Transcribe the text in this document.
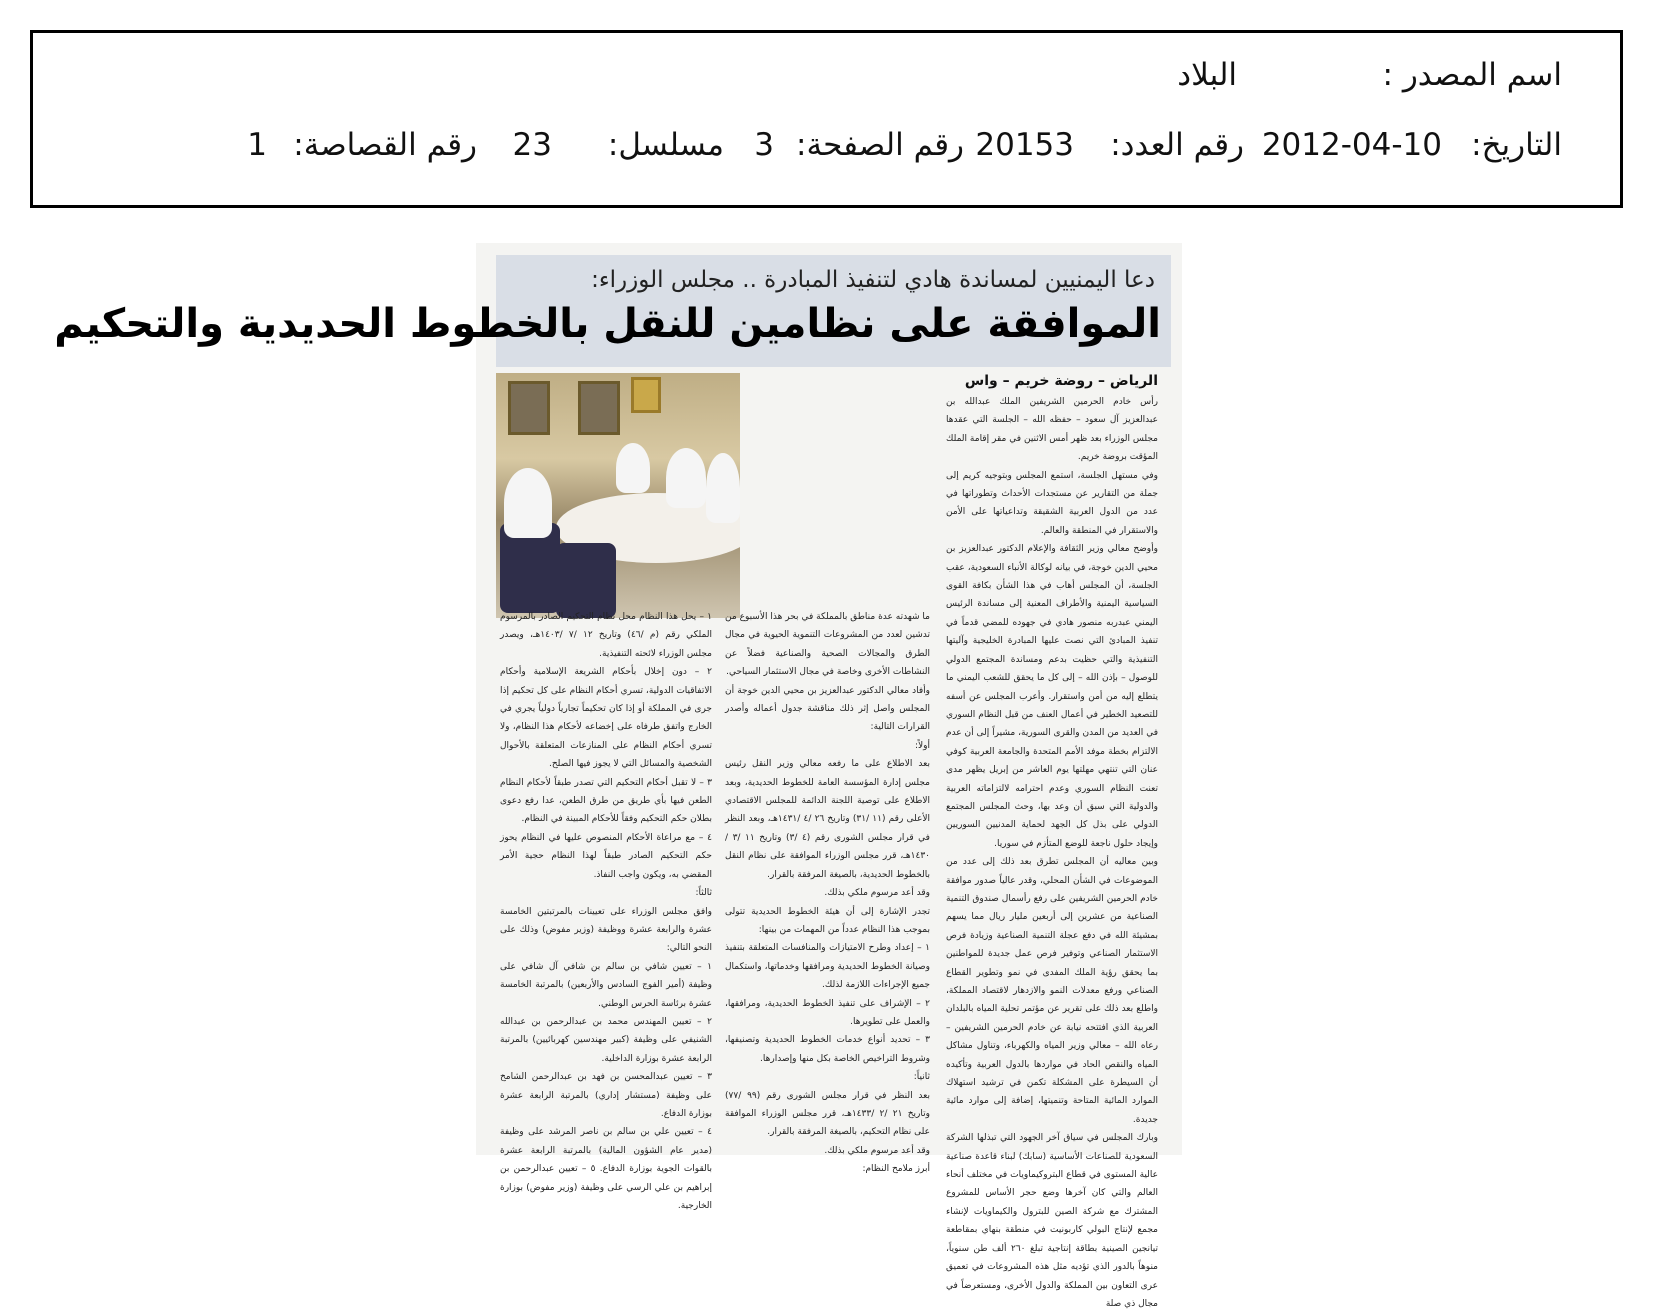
اسم المصدر :
البلاد
التاريخ:
2012-04-10
رقم العدد:
20153
رقم الصفحة:
3
مسلسل:
23
رقم القصاصة:
1
دعا اليمنيين لمساندة هادي لتنفيذ المبادرة .. مجلس الوزراء:
الموافقة على نظامين للنقل بالخطوط الحديدية والتحكيم
الرياض – روضة خريم – واس

رأس خادم الحرمين الشريفين الملك عبدالله بن عبدالعزيز آل سعود – حفظه الله – الجلسة التي عقدها مجلس الوزراء بعد ظهر أمس الاثنين في مقر إقامة الملك المؤقت بروضة خريم.

وفي مستهل الجلسة، استمع المجلس وبتوجيه كريم إلى جملة من التقارير عن مستجدات الأحداث وتطوراتها في عدد من الدول العربية الشقيقة وتداعياتها على الأمن والاستقرار في المنطقة والعالم.

وأوضح معالي وزير الثقافة والإعلام الدكتور عبدالعزيز بن محيي الدين خوجة، في بيانه لوكالة الأنباء السعودية، عقب الجلسة، أن المجلس أهاب في هذا الشأن بكافة القوى السياسية اليمنية والأطراف المعنية إلى مساندة الرئيس اليمني عبدربه منصور هادي في جهوده للمضي قدماً في تنفيذ المبادئ التي نصت عليها المبادرة الخليجية وآليتها التنفيذية والتي حظيت بدعم ومساندة المجتمع الدولي للوصول – بإذن الله – إلى كل ما يحقق للشعب اليمني ما يتطلع إليه من أمن واستقرار. وأعرب المجلس عن أسفه للتصعيد الخطير في أعمال العنف من قبل النظام السوري في العديد من المدن والقرى السورية، مشيراً إلى أن عدم الالتزام بخطة موفد الأمم المتحدة والجامعة العربية كوفي عنان التي تنتهي مهلتها يوم العاشر من إبريل يظهر مدى تعنت النظام السوري وعدم احترامه لالتزاماته العربية والدولية التي سبق أن وعد بها، وحث المجلس المجتمع الدولي على بذل كل الجهد لحماية المدنيين السوريين وإيجاد حلول ناجعة للوضع المتأزم في سوريا.

وبين معاليه أن المجلس تطرق بعد ذلك إلى عدد من الموضوعات في الشأن المحلي، وقدر عالياً صدور موافقة خادم الحرمين الشريفين على رفع رأسمال صندوق التنمية الصناعية من عشرين إلى أربعين مليار ريال مما يسهم بمشيئة الله في دفع عجلة التنمية الصناعية وزيادة فرص الاستثمار الصناعي وتوفير فرص عمل جديدة للمواطنين بما يحقق رؤية الملك المفدى في نمو وتطوير القطاع الصناعي ورفع معدلات النمو والازدهار لاقتصاد المملكة، واطلع بعد ذلك على تقرير عن مؤتمر تحلية المياه بالبلدان العربية الذي افتتحه نيابة عن خادم الحرمين الشريفين – رعاه الله – معالي وزير المياه والكهرباء، وتناول مشاكل المياه والنقص الحاد في مواردها بالدول العربية وتأكيده أن السيطرة على المشكلة تكمن في ترشيد استهلاك الموارد المائية المتاحة وتنميتها، إضافة إلى موارد مائية جديدة.

وبارك المجلس في سياق آخر الجهود التي تبذلها الشركة السعودية للصناعات الأساسية (سابك) لبناء قاعدة صناعية عالية المستوى في قطاع البتروكيماويات في مختلف أنحاء العالم والتي كان آخرها وضع حجر الأساس للمشروع المشترك مع شركة الصين للبترول والكيماويات لإنشاء مجمع لإنتاج البولي كاربونيت في منطقة بنهاي بمقاطعة تيانجين الصينية بطاقة إنتاجية تبلغ ٢٦٠ ألف طن سنوياً، منوهاً بالدور الذي تؤديه مثل هذه المشروعات في تعميق عرى التعاون بين المملكة والدول الأخرى، ومستعرضاً في مجال ذي صلة

ما شهدته عدة مناطق بالمملكة في بحر هذا الأسبوع من تدشين لعدد من المشروعات التنموية الحيوية في مجال الطرق والمجالات الصحية والصناعية فضلاً عن النشاطات الأخرى وخاصة في مجال الاستثمار السياحي.

وأفاد معالي الدكتور عبدالعزيز بن محيي الدين خوجة أن المجلس واصل إثر ذلك مناقشة جدول أعماله وأصدر القرارات التالية:

أولاً:

بعد الاطلاع على ما رفعه معالي وزير النقل رئيس مجلس إدارة المؤسسة العامة للخطوط الحديدية، وبعد الاطلاع على توصية اللجنة الدائمة للمجلس الاقتصادي الأعلى رقم (١١ /٣١) وتاريخ ٢٦ /٤ /١٤٣١هـ، وبعد النظر في قرار مجلس الشورى رقم (٤ /٣) وتاريخ ١١ /٣ /١٤٣٠هـ، قرر مجلس الوزراء الموافقة على نظام النقل بالخطوط الحديدية، بالصيغة المرفقة بالقرار.

وقد أعد مرسوم ملكي بذلك.

تجدر الإشارة إلى أن هيئة الخطوط الحديدية تتولى بموجب هذا النظام عدداً من المهمات من بينها:

١ – إعداد وطرح الامتيازات والمنافسات المتعلقة بتنفيذ وصيانة الخطوط الحديدية ومرافقها وخدماتها، واستكمال جميع الإجراءات اللازمة لذلك.

٢ – الإشراف على تنفيذ الخطوط الحديدية، ومرافقها، والعمل على تطويرها.

٣ – تحديد أنواع خدمات الخطوط الحديدية وتصنيفها، وشروط التراخيص الخاصة بكل منها وإصدارها.

ثانياً:

بعد النظر في قرار مجلس الشورى رقم (٩٩ /٧٧) وتاريخ ٢١ /٢ /١٤٣٣هـ، قرر مجلس الوزراء الموافقة على نظام التحكيم، بالصيغة المرفقة بالقرار.

وقد أعد مرسوم ملكي بذلك.

أبرز ملامح النظام:

١ – يحل هذا النظام محل نظام التحكيم الصادر بالمرسوم الملكي رقم (م /٤٦) وتاريخ ١٢ /٧ /١٤٠٣هـ، ويصدر مجلس الوزراء لائحته التنفيذية.

٢ – دون إخلال بأحكام الشريعة الإسلامية وأحكام الاتفاقيات الدولية، تسري أحكام النظام على كل تحكيم إذا جرى في المملكة أو إذا كان تحكيماً تجارياً دولياً يجري في الخارج واتفق طرفاه على إخضاعه لأحكام هذا النظام، ولا تسري أحكام النظام على المنازعات المتعلقة بالأحوال الشخصية والمسائل التي لا يجوز فيها الصلح.

٣ – لا تقبل أحكام التحكيم التي تصدر طبقاً لأحكام النظام الطعن فيها بأي طريق من طرق الطعن، عدا رفع دعوى بطلان حكم التحكيم وفقاً للأحكام المبينة في النظام.

٤ – مع مراعاة الأحكام المنصوص عليها في النظام يحوز حكم التحكيم الصادر طبقاً لهذا النظام حجية الأمر المقضي به، ويكون واجب النفاذ.

ثالثاً:

وافق مجلس الوزراء على تعيينات بالمرتبتين الخامسة عشرة والرابعة عشرة ووظيفة (وزير مفوض) وذلك على النحو التالي:

١ – تعيين شافي بن سالم بن شافي آل شافي على وظيفة (أمير الفوج السادس والأربعين) بالمرتبة الخامسة عشرة برئاسة الحرس الوطني.

٢ – تعيين المهندس محمد بن عبدالرحمن بن عبدالله الشنيفي على وظيفة (كبير مهندسين كهربائيين) بالمرتبة الرابعة عشرة بوزارة الداخلية.

٣ – تعيين عبدالمحسن بن فهد بن عبدالرحمن الشامخ على وظيفة (مستشار إداري) بالمرتبة الرابعة عشرة بوزارة الدفاع.

٤ – تعيين علي بن سالم بن ناصر المرشد على وظيفة (مدير عام الشؤون المالية) بالمرتبة الرابعة عشرة بالقوات الجوية بوزارة الدفاع. ٥ – تعيين عبدالرحمن بن إبراهيم بن علي الرسي على وظيفة (وزير مفوض) بوزارة الخارجية.
